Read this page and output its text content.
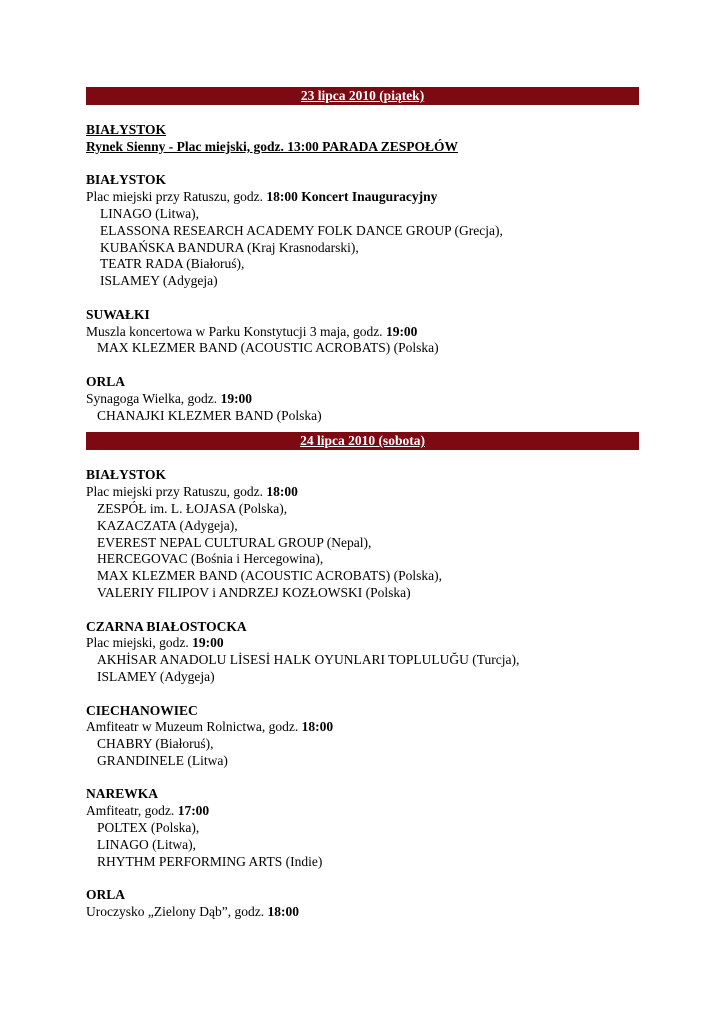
23 lipca 2010 (piątek)
BIAŁYSTOK
Rynek Sienny - Plac miejski, godz. 13:00 PARADA ZESPOŁÓW
BIAŁYSTOK
Plac miejski przy Ratuszu, godz. 18:00 Koncert Inauguracyjny
LINAGO (Litwa),
ELASSONA RESEARCH ACADEMY FOLK DANCE GROUP (Grecja),
KUBAŃSKA BANDURA (Kraj Krasnodarski),
TEATR RADA (Białoruś),
ISLAMEY (Adygeja)
SUWAŁKI
Muszla koncertowa w Parku Konstytucji 3 maja, godz. 19:00
MAX KLEZMER BAND (ACOUSTIC ACROBATS) (Polska)
ORLA
Synagoga Wielka, godz. 19:00
CHANAJKI KLEZMER BAND (Polska)
24 lipca 2010 (sobota)
BIAŁYSTOK
Plac miejski przy Ratuszu, godz. 18:00
ZESPÓŁ im. L. ŁOJASA (Polska),
KAZACZATA (Adygeja),
EVEREST NEPAL CULTURAL GROUP (Nepal),
HERCEGOVAC (Bośnia i Hercegowina),
MAX KLEZMER BAND (ACOUSTIC ACROBATS) (Polska),
VALERIY FILIPOV i ANDRZEJ KOZŁOWSKI (Polska)
CZARNA BIAŁOSTOCKA
Plac miejski, godz. 19:00
AKHİSAR ANADOLU LİSESİ HALK OYUNLARI TOPLULUĞU (Turcja),
ISLAMEY (Adygeja)
CIECHANOWIEC
Amfiteatr w Muzeum Rolnictwa, godz. 18:00
CHABRY (Białoruś),
GRANDINELE (Litwa)
NAREWKA
Amfiteatr, godz. 17:00
POLTEX (Polska),
LINAGO (Litwa),
RHYTHM PERFORMING ARTS (Indie)
ORLA
Uroczysko „Zielony Dąb”, godz. 18:00
